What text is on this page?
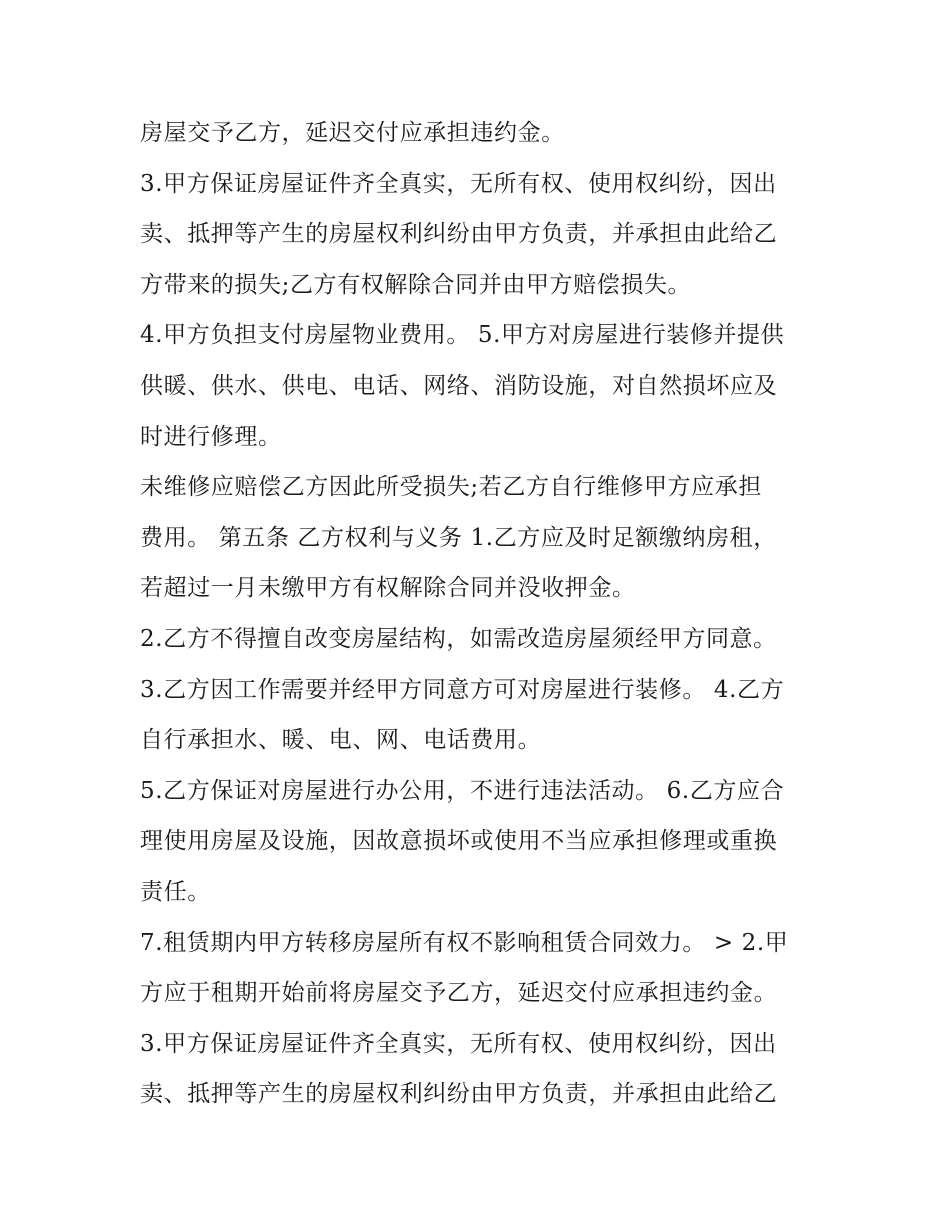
房屋交予乙方，延迟交付应承担违约金。
3.甲方保证房屋证件齐全真实，无所有权、使用权纠纷，因出
卖、抵押等产生的房屋权利纠纷由甲方负责，并承担由此给乙
方带来的损失;乙方有权解除合同并由甲方赔偿损失。
4.甲方负担支付房屋物业费用。 5.甲方对房屋进行装修并提供
供暖、供水、供电、电话、网络、消防设施，对自然损坏应及
时进行修理。
未维修应赔偿乙方因此所受损失;若乙方自行维修甲方应承担
费用。 第五条 乙方权利与义务 1.乙方应及时足额缴纳房租，
若超过一月未缴甲方有权解除合同并没收押金。
2.乙方不得擅自改变房屋结构，如需改造房屋须经甲方同意。
3.乙方因工作需要并经甲方同意方可对房屋进行装修。 4.乙方
自行承担水、暖、电、网、电话费用。
5.乙方保证对房屋进行办公用，不进行违法活动。 6.乙方应合
理使用房屋及设施，因故意损坏或使用不当应承担修理或重换
责任。
7.租赁期内甲方转移房屋所有权不影响租赁合同效力。 > 2.甲
方应于租期开始前将房屋交予乙方，延迟交付应承担违约金。
3.甲方保证房屋证件齐全真实，无所有权、使用权纠纷，因出
卖、抵押等产生的房屋权利纠纷由甲方负责，并承担由此给乙
